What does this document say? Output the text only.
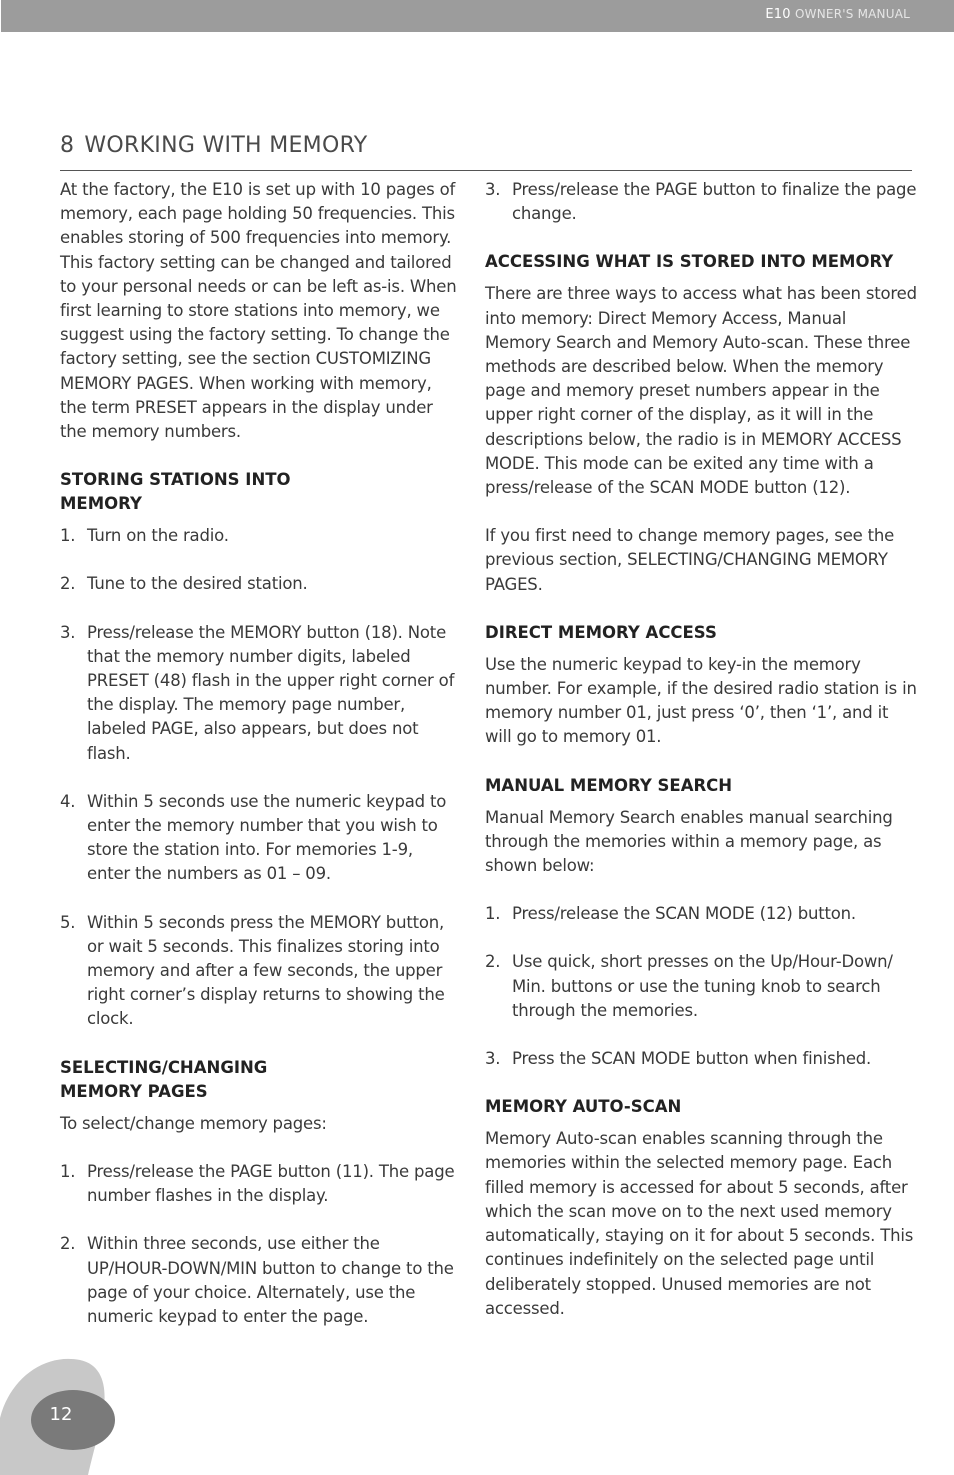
E10 OWNER'S MANUAL
8 WORKING WITH MEMORY

At the factory, the E10 is set up with 10 pages of memory, each page holding 50 frequencies. This enables storing of 500 frequencies into memory. This factory setting can be changed and tailored to your personal needs or can be left as-is. When first learning to store stations into memory, we suggest using the factory setting. To change the factory setting, see the section CUSTOMIZING MEMORY PAGES. When working with memory, the term PRESET appears in the display under the memory numbers.

STORING STATIONS INTO
MEMORY
1. Turn on the radio.
2. Tune to the desired station.
3. Press/release the MEMORY button (18). Note that the memory number digits, labeled PRESET (48) flash in the upper right corner of the display. The memory page number, labeled PAGE, also appears, but does not flash.
4. Within 5 seconds use the numeric keypad to enter the memory number that you wish to store the station into. For memories 1-9, enter the numbers as 01 – 09.
5. Within 5 seconds press the MEMORY button, or wait 5 seconds. This finalizes storing into memory and after a few seconds, the upper right corner’s display returns to showing the clock.
SELECTING/CHANGING
MEMORY PAGES

To select/change memory pages:

1. Press/release the PAGE button (11). The page number flashes in the display.
2. Within three seconds, use either the UP/HOUR-DOWN/MIN button to change to the page of your choice. Alternately, use the numeric keypad to enter the page.
3. Press/release the PAGE button to finalize the page change.
ACCESSING WHAT IS STORED INTO MEMORY

There are three ways to access what has been stored into memory: Direct Memory Access, Manual Memory Search and Memory Auto-scan. These three methods are described below. When the memory page and memory preset numbers appear in the upper right corner of the display, as it will in the descriptions below, the radio is in MEMORY ACCESS MODE. This mode can be exited any time with a press/release of the SCAN MODE button (12).

If you first need to change memory pages, see the previous section, SELECTING/CHANGING MEMORY PAGES.

DIRECT MEMORY ACCESS

Use the numeric keypad to key-in the memory number. For example, if the desired radio station is in memory number 01, just press ‘0’, then ‘1’, and it will go to memory 01.

MANUAL MEMORY SEARCH

Manual Memory Search enables manual searching through the memories within a memory page, as shown below:

1. Press/release the SCAN MODE (12) button.
2. Use quick, short presses on the Up/Hour-Down/ Min. buttons or use the tuning knob to search through the memories.
3. Press the SCAN MODE button when finished.
MEMORY AUTO-SCAN

Memory Auto-scan enables scanning through the memories within the selected memory page. Each filled memory is accessed for about 5 seconds, after which the scan move on to the next used memory automatically, staying on it for about 5 seconds. This continues indefinitely on the selected page until deliberately stopped. Unused memories are not accessed.

12
